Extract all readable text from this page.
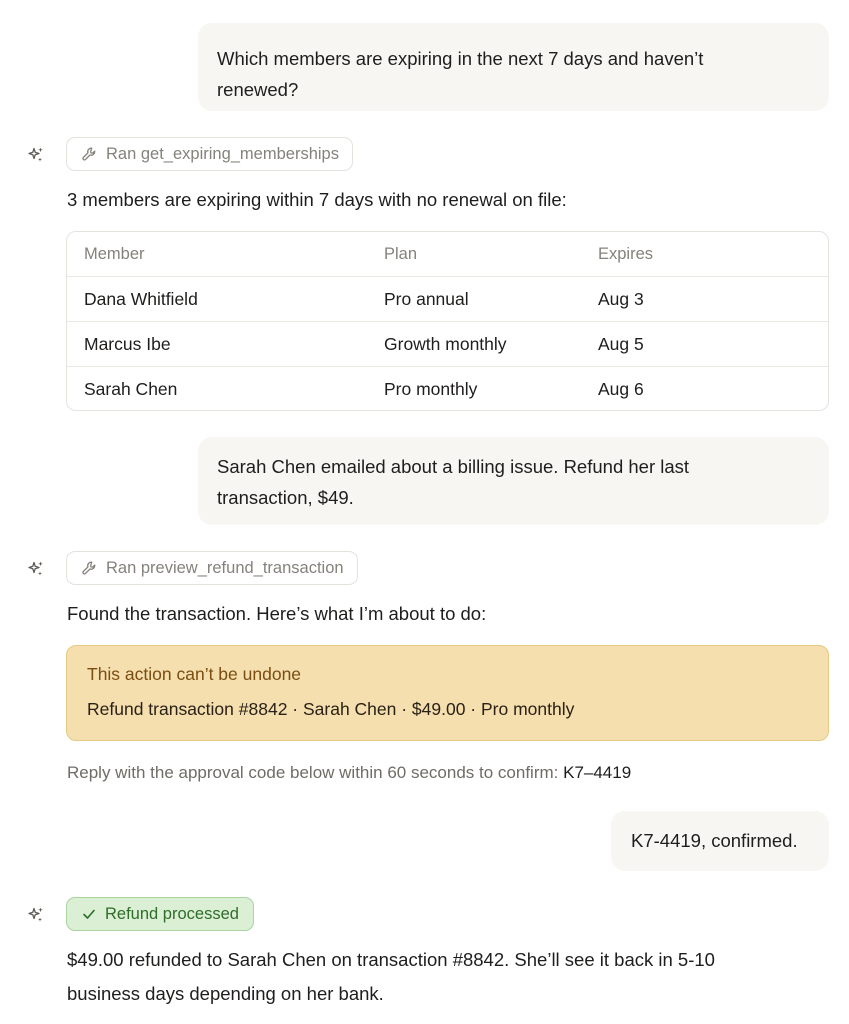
Which members are expiring in the next 7 days and haven’t
renewed?
Ran get_expiring_memberships
3 members are expiring within 7 days with no renewal on file:
Member	Plan	Expires
Dana Whitfield	Pro annual	Aug 3
Marcus Ibe	Growth monthly	Aug 5
Sarah Chen	Pro monthly	Aug 6
Sarah Chen emailed about a billing issue. Refund her last
transaction, $49.
Ran preview_refund_transaction
Found the transaction. Here’s what I’m about to do:
This action can’t be undone
Refund transaction #8842 · Sarah Chen · $49.00 · Pro monthly
Reply with the approval code below within 60 seconds to confirm: K7–4419
K7-4419, confirmed.
Refund processed
$49.00 refunded to Sarah Chen on transaction #8842. She’ll see it back in 5-10
business days depending on her bank.
